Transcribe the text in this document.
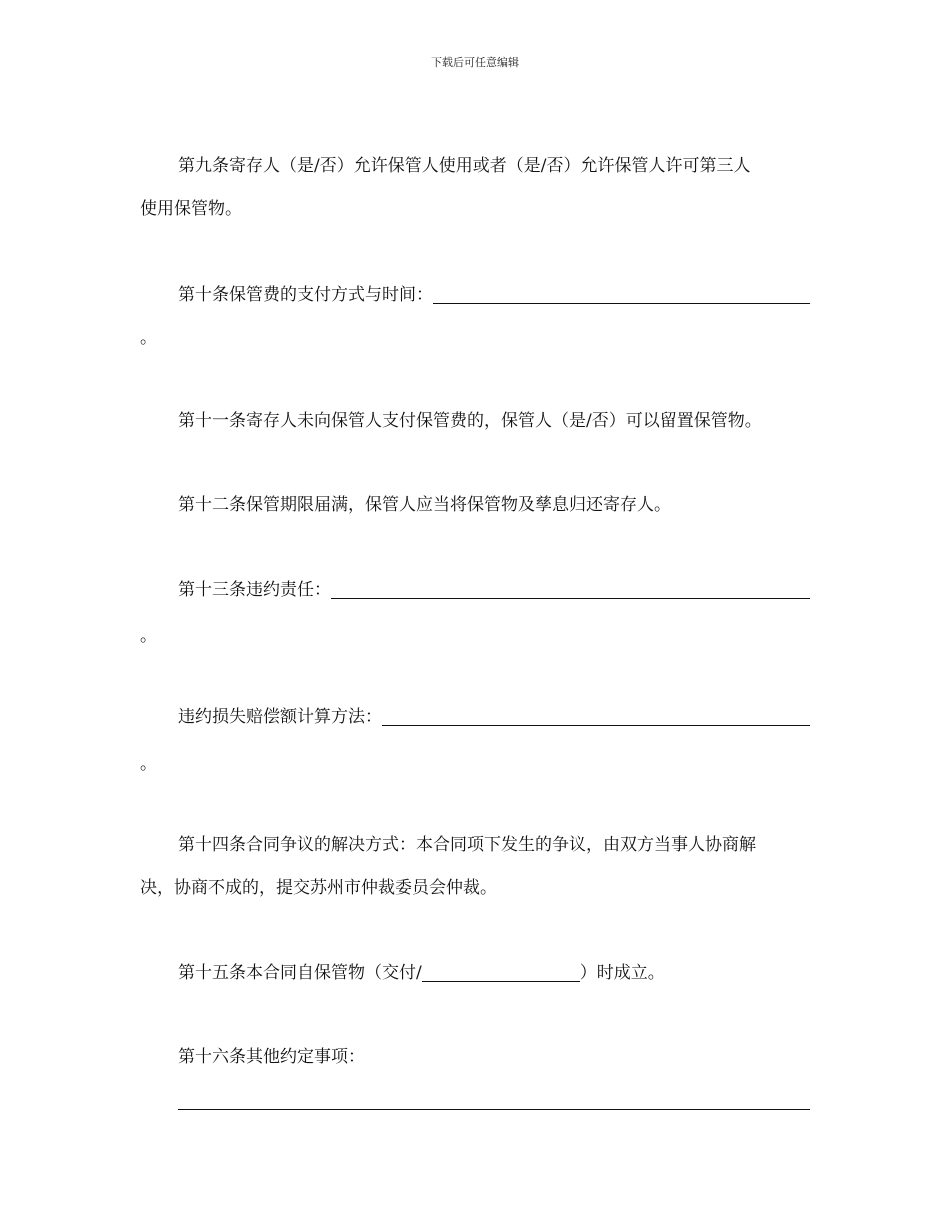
下载后可任意编辑
第九条寄存人（是/否）允许保管人使用或者（是/否）允许保管人许可第三人
使用保管物。
第十条保管费的支付方式与时间：
。
第十一条寄存人未向保管人支付保管费的，保管人（是/否）可以留置保管物。
第十二条保管期限届满，保管人应当将保管物及孳息归还寄存人。
第十三条违约责任：
。
违约损失赔偿额计算方法：
。
第十四条合同争议的解决方式：本合同项下发生的争议，由双方当事人协商解
决，协商不成的，提交苏州市仲裁委员会仲裁。
第十五条本合同自保管物（交付/	）时成立。
第十六条其他约定事项：
